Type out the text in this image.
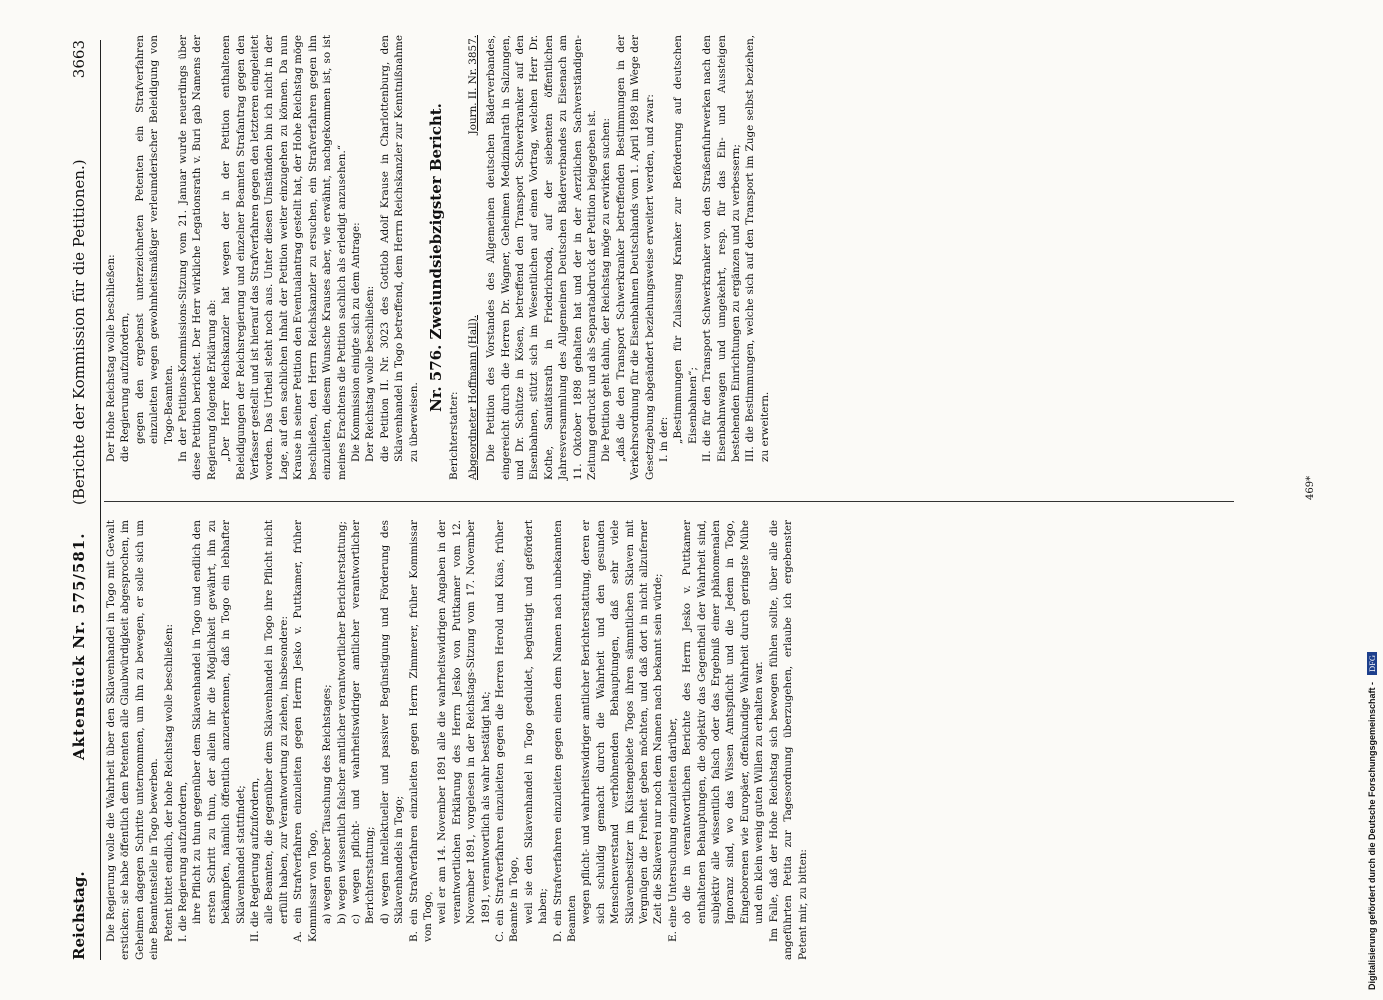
Reichstag.
Aktenstück Nr. 575/581.
(Berichte der Kommission für die Petitionen.)
3663

Die Regierung wolle die Wahrheit über den Sklavenhandel in Togo mit Gewalt ersticken; sie habe öffentlich dem Petenten alle Glaubwürdigkeit abgesprochen, im Geheimen dagegen Schritte unternommen, um ihn zu bewegen, er solle sich um eine Beamtenstelle in Togo bewerben. Petent bittet endlich, der hohe Reichstag wolle beschließen: I. die Regierung aufzufordern, ihre Pflicht zu thun gegenüber dem Sklavenhandel in Togo und endlich den ersten Schritt zu thun, der allein ihr die Möglichkeit gewährt, ihn zu bekämpfen, nämlich öffentlich anzuerkennen, daß in Togo ein lebhafter Sklavenhandel stattfindet; II. die Regierung aufzufordern, alle Beamten, die gegenüber dem Sklavenhandel in Togo ihre Pflicht nicht erfüllt haben, zur Verantwortung zu ziehen, insbesondere: A. ein Strafverfahren einzuleiten gegen Herrn Jesko v. Puttkamer, früher Kommissar von Togo, a) wegen grober Täuschung des Reichstages; b) wegen wissentlich falscher amtlicher verantwortlicher Berichterstattung; c) wegen pflicht- und wahrheitswidriger amtlicher verantwortlicher Berichterstattung; d) wegen intellektueller und passiver Begünstigung und Förderung des Sklavenhandels in Togo; B. ein Strafverfahren einzuleiten gegen Herrn Zimmerer, früher Kommissar von Togo, weil er am 14. November 1891 alle die wahrheitswidrigen Angaben in der verantwortlichen Erklärung des Herrn Jesko von Puttkamer vom 12. November 1891, vorgelesen in der Reichstags-Sitzung vom 17. November 1891, verantwortlich als wahr bestätigt hat; C. ein Strafverfahren einzuleiten gegen die Herren Herold und Küas, früher Beamte in Togo, weil sie den Sklavenhandel in Togo geduldet, begünstigt und gefördert haben; D. ein Strafverfahren einzuleiten gegen einen dem Namen nach unbekannten Beamten wegen pflicht- und wahrheitswidriger amtlicher Berichterstattung, deren er sich schuldig gemacht durch die Wahrheit und den gesunden Menschenverstand verhöhnenden Behauptungen, daß sehr viele Sklavenbesitzer im Küstengebiete Togos ihren sämmtlichen Sklaven mit Vergnügen die Freiheit geben möchten, und daß dort in nicht allzuferner Zeit die Sklaverei nur noch dem Namen nach bekannt sein würde; E. eine Untersuchung einzuleiten darüber, ob die in verantwortlichen Berichte des Herrn Jesko v. Puttkamer enthaltenen Behauptungen, die objektiv das Gegentheil der Wahrheit sind, subjektiv alle wissentlich falsch oder das Ergebniß einer phänomenalen Ignoranz sind, wo das Wissen Amtspflicht und die Jedem in Togo, Eingeborenen wie Europäer, offenkundige Wahrheit durch geringste Mühe und ein klein wenig guten Willen zu erhalten war. Im Falle, daß der Hohe Reichstag sich bewogen fühlen sollte, über alle die angeführten Petita zur Tagesordnung überzugehen, erlaube ich ergebenster Petent mir, zu bitten:

Der Hohe Reichstag wolle beschließen: die Regierung aufzufordern, gegen den ergebenst unterzeichneten Petenten ein Strafverfahren einzuleiten wegen gewohnheitsmäßiger verleumderischer Beleidigung von Togo-Beamten. In der Petitions-Kommissions-Sitzung vom 21. Januar wurde neuerdings über diese Petition berichtet. Der Herr wirkliche Legationsrath v. Buri gab Namens der Regierung folgende Erklärung ab: „Der Herr Reichskanzler hat wegen der in der Petition enthaltenen Beleidigungen der Reichsregierung und einzelner Beamten Strafantrag gegen den Verfasser gestellt und ist hierauf das Strafverfahren gegen den letzteren eingeleitet worden. Das Urtheil steht noch aus. Unter diesen Umständen bin ich nicht in der Lage, auf den sachlichen Inhalt der Petition weiter einzugehen zu können. Da nun Krause in seiner Petition den Eventualantrag gestellt hat, der Hohe Reichstag möge beschließen, den Herrn Reichskanzler zu ersuchen, ein Strafverfahren gegen ihn einzuleiten, diesem Wunsche Krauses aber, wie erwähnt, nachgekommen ist, so ist meines Erachtens die Petition sachlich als erledigt anzusehen.“ Die Kommission einigte sich zu dem Antrage: Der Reichstag wolle beschließen: die Petition II. Nr. 3023 des Gottlob Adolf Krause in Charlottenburg, den Sklavenhandel in Togo betreffend, dem Herrn Reichskanzler zur Kenntnißnahme zu überweisen.

Nr. 576. Zweiundsiebzigster Bericht.
Berichterstatter: Abgeordneter Hoffmann (Hall).
Journ. II. Nr. 3857. Die Petition des Vorstandes des Allgemeinen deutschen Bäderverbandes, eingereicht durch die Herren Dr. Wagner, Geheimen Medizinalrath in Salzungen, und Dr. Schütze in Kösen, betreffend den Transport Schwerkranker auf den Eisenbahnen, stützt sich im Wesentlichen auf einen Vortrag, welchen Herr Dr. Kothe, Sanitätsrath in Friedrichroda, auf der siebenten öffentlichen Jahresversammlung des Allgemeinen Deutschen Bäderverbandes zu Eisenach am 11. Oktober 1898 gehalten hat und der in der Aerztlichen Sachverständigen-Zeitung gedruckt und als Separatabdruck der Petition beigegeben ist. Die Petition geht dahin, der Reichstag möge zu erwirken suchen: „daß die den Transport Schwerkranker betreffenden Bestimmungen in der Verkehrsordnung für die Eisenbahnen Deutschlands vom 1. April 1898 im Wege der Gesetzgebung abgeändert beziehungsweise erweitert werden, und zwar: I. in der: „Bestimmungen für Zulassung Kranker zur Beförderung auf deutschen Eisenbahnen“; II. die für den Transport Schwerkranker von den Straßenfuhrwerken nach den Eisenbahnwagen und umgekehrt, resp. für das Ein- und Aussteigen bestehenden Einrichtungen zu ergänzen und zu verbessern; III. die Bestimmungen, welche sich auf den Transport im Zuge selbst beziehen, zu erweitern.

469*
Digitalisierung gefördert durch die Deutsche Forschungsgemeinschaft - DFG
